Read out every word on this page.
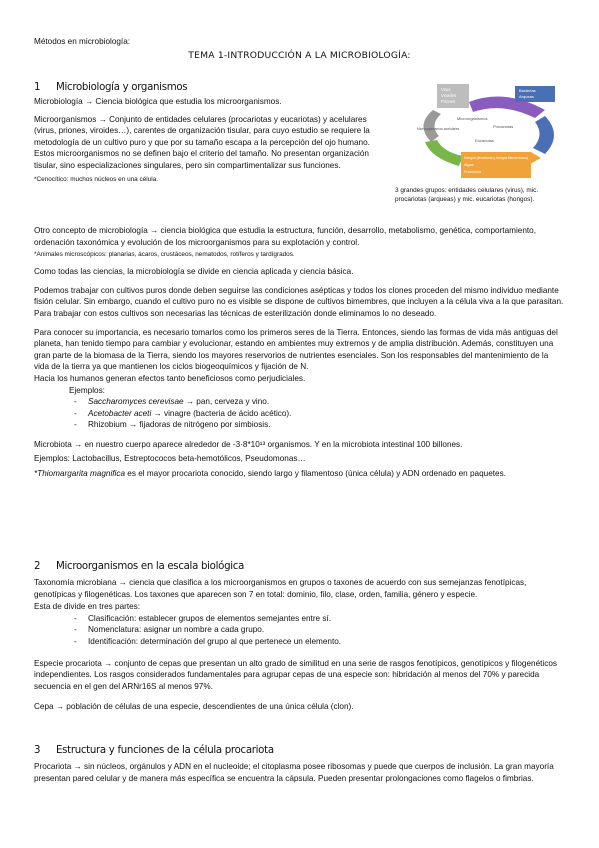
Métodos en microbiología:
TEMA 1-INTRODUCCIÓN A LA MICROBIOLOGÍA:
1 Microbiología y organismos

Microbiología → Ciencia biológica que estudia los microorganismos.

Microorganismos → Conjunto de entidades celulares (procariotas y eucariotas) y acelulares (virus, priones, viroides…), carentes de organización tisular, para cuyo estudio se requiere la metodología de un cultivo puro y que por su tamaño escapa a la percepción del ojo humano.

Estos microorganismos no se definen bajo el criterio del tamaño. No presentan organización tisular, sino especializaciones singulares, pero sin compartimentalizar sus funciones.

*Cenocítico: muchos núcleos en una célula.

Virus
Viroides
Priones
Bacterias
Arqueas
Hongos (levaduras y hongos filamentosos)
Algas
Protozoos
Microorganismos
Procariotas
Eucariotas
Microorganismos acelulares
3 grandes grupos: entidades celulares (virus), mic. procariotas (arqueas) y mic. eucariotas (hongos).

Otro concepto de microbiología → ciencia biológica que estudia la estructura, función, desarrollo, metabolismo, genética, comportamiento, ordenación taxonómica y evolución de los microorganismos para su explotación y control.

*Animales microscópicos: planarias, ácaros, crustáceos, nematodos, rotíferos y tardígrados.

Como todas las ciencias, la microbiología se divide en ciencia aplicada y ciencia básica.

Podemos trabajar con cultivos puros donde deben seguirse las condiciones asépticas y todos los clones proceden del mismo individuo mediante fisión celular. Sin embargo, cuando el cultivo puro no es visible se dispone de cultivos bimembres, que incluyen a la célula viva a la que parasitan. Para trabajar con estos cultivos son necesarias las técnicas de esterilización donde eliminamos lo no deseado.

Para conocer su importancia, es necesario tomarlos como los primeros seres de la Tierra. Entonces, siendo las formas de vida más antiguas del planeta, han tenido tiempo para cambiar y evolucionar, estando en ambientes muy extremos y de amplia distribución. Además, constituyen una gran parte de la biomasa de la Tierra, siendo los mayores reservorios de nutrientes esenciales. Son los responsables del mantenimiento de la vida de la tierra ya que mantienen los ciclos biogeoquímicos y fijación de N.

Hacia los humanos generan efectos tanto beneficiosos como perjudiciales.

Ejemplos:

- Saccharomyces cerevisae → pan, cerveza y vino.
- Acetobacter aceti → vinagre (bacteria de ácido acético).
- Rhizobium → fijadoras de nitrógeno por simbiosis.

Microbiota → en nuestro cuerpo aparece alrededor de -3·8*10¹³ organismos. Y en la microbiota intestinal 100 billones.

Ejemplos: Lactobacillus, Estreptococos beta-hemotólicos, Pseudomonas…

*Thiomargarita magnifica es el mayor procariota conocido, siendo largo y filamentoso (única célula) y ADN ordenado en paquetes.

2 Microorganismos en la escala biológica

Taxonomía microbiana → ciencia que clasifica a los microorganismos en grupos o taxones de acuerdo con sus semejanzas fenotípicas, genotípicas y filogenéticas. Los taxones que aparecen son 7 en total: dominio, filo, clase, orden, familia, género y especie.

Esta de divide en tres partes:

- Clasificación: establecer grupos de elementos semejantes entre sí.
- Nomenclatura: asignar un nombre a cada grupo.
- Identificación: determinación del grupo al que pertenece un elemento.

Especie procariota → conjunto de cepas que presentan un alto grado de similitud en una serie de rasgos fenotípicos, genotípicos y filogenéticos independientes. Los rasgos considerados fundamentales para agrupar cepas de una especie son: hibridación al menos del 70% y parecida secuencia en el gen del ARNr16S al menos 97%.

Cepa → población de células de una especie, descendientes de una única célula (clon).

3 Estructura y funciones de la célula procariota

Procariota → sin núcleos, orgánulos y ADN en el nucleoide; el citoplasma posee ribosomas y puede que cuerpos de inclusión. La gran mayoría presentan pared celular y de manera más específica se encuentra la cápsula. Pueden presentar prolongaciones como flagelos o fimbrias.
